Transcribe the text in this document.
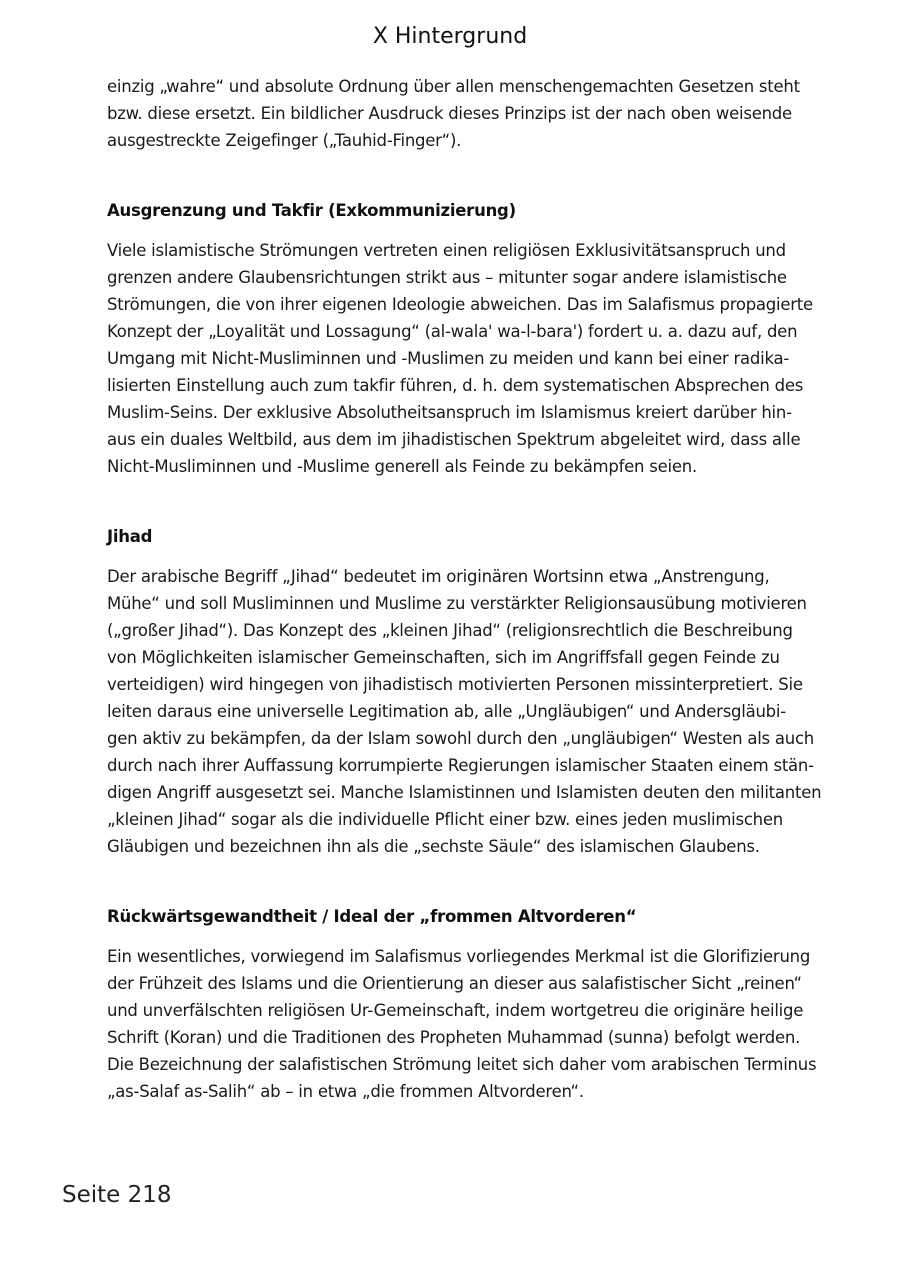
X Hintergrund

einzig „wahre“ und absolute Ordnung über allen menschengemachten Gesetzen steht
bzw. diese ersetzt. Ein bildlicher Ausdruck dieses Prinzips ist der nach oben weisende
ausgestreckte Zeigefinger („Tauhid-Finger“).

Ausgrenzung und Takfir (Exkommunizierung)

Viele islamistische Strömungen vertreten einen religiösen Exklusivitätsanspruch und
grenzen andere Glaubensrichtungen strikt aus – mitunter sogar andere islamistische
Strömungen, die von ihrer eigenen Ideologie abweichen. Das im Salafismus propagierte
Konzept der „Loyalität und Lossagung“ (al-wala' wa-l-bara') fordert u. a. dazu auf, den
Umgang mit Nicht-Musliminnen und -Muslimen zu meiden und kann bei einer radika-
lisierten Einstellung auch zum takfir führen, d. h. dem systematischen Absprechen des
Muslim-Seins. Der exklusive Absolutheitsanspruch im Islamismus kreiert darüber hin-
aus ein duales Weltbild, aus dem im jihadistischen Spektrum abgeleitet wird, dass alle
Nicht-Musliminnen und -Muslime generell als Feinde zu bekämpfen seien.

Jihad

Der arabische Begriff „Jihad“ bedeutet im originären Wortsinn etwa „Anstrengung,
Mühe“ und soll Musliminnen und Muslime zu verstärkter Religionsausübung motivieren
(„großer Jihad“). Das Konzept des „kleinen Jihad“ (religionsrechtlich die Beschreibung
von Möglichkeiten islamischer Gemeinschaften, sich im Angriffsfall gegen Feinde zu
verteidigen) wird hingegen von jihadistisch motivierten Personen missinterpretiert. Sie
leiten daraus eine universelle Legitimation ab, alle „Ungläubigen“ und Andersgläubi-
gen aktiv zu bekämpfen, da der Islam sowohl durch den „ungläubigen“ Westen als auch
durch nach ihrer Auffassung korrumpierte Regierungen islamischer Staaten einem stän-
digen Angriff ausgesetzt sei. Manche Islamistinnen und Islamisten deuten den militanten
„kleinen Jihad“ sogar als die individuelle Pflicht einer bzw. eines jeden muslimischen
Gläubigen und bezeichnen ihn als die „sechste Säule“ des islamischen Glaubens.

Rückwärtsgewandtheit / Ideal der „frommen Altvorderen“

Ein wesentliches, vorwiegend im Salafismus vorliegendes Merkmal ist die Glorifizierung
der Frühzeit des Islams und die Orientierung an dieser aus salafistischer Sicht „reinen“
und unverfälschten religiösen Ur-Gemeinschaft, indem wortgetreu die originäre heilige
Schrift (Koran) und die Traditionen des Propheten Muhammad (sunna) befolgt werden.
Die Bezeichnung der salafistischen Strömung leitet sich daher vom arabischen Terminus
„as-Salaf as-Salih“ ab – in etwa „die frommen Altvorderen“.

Seite 218
